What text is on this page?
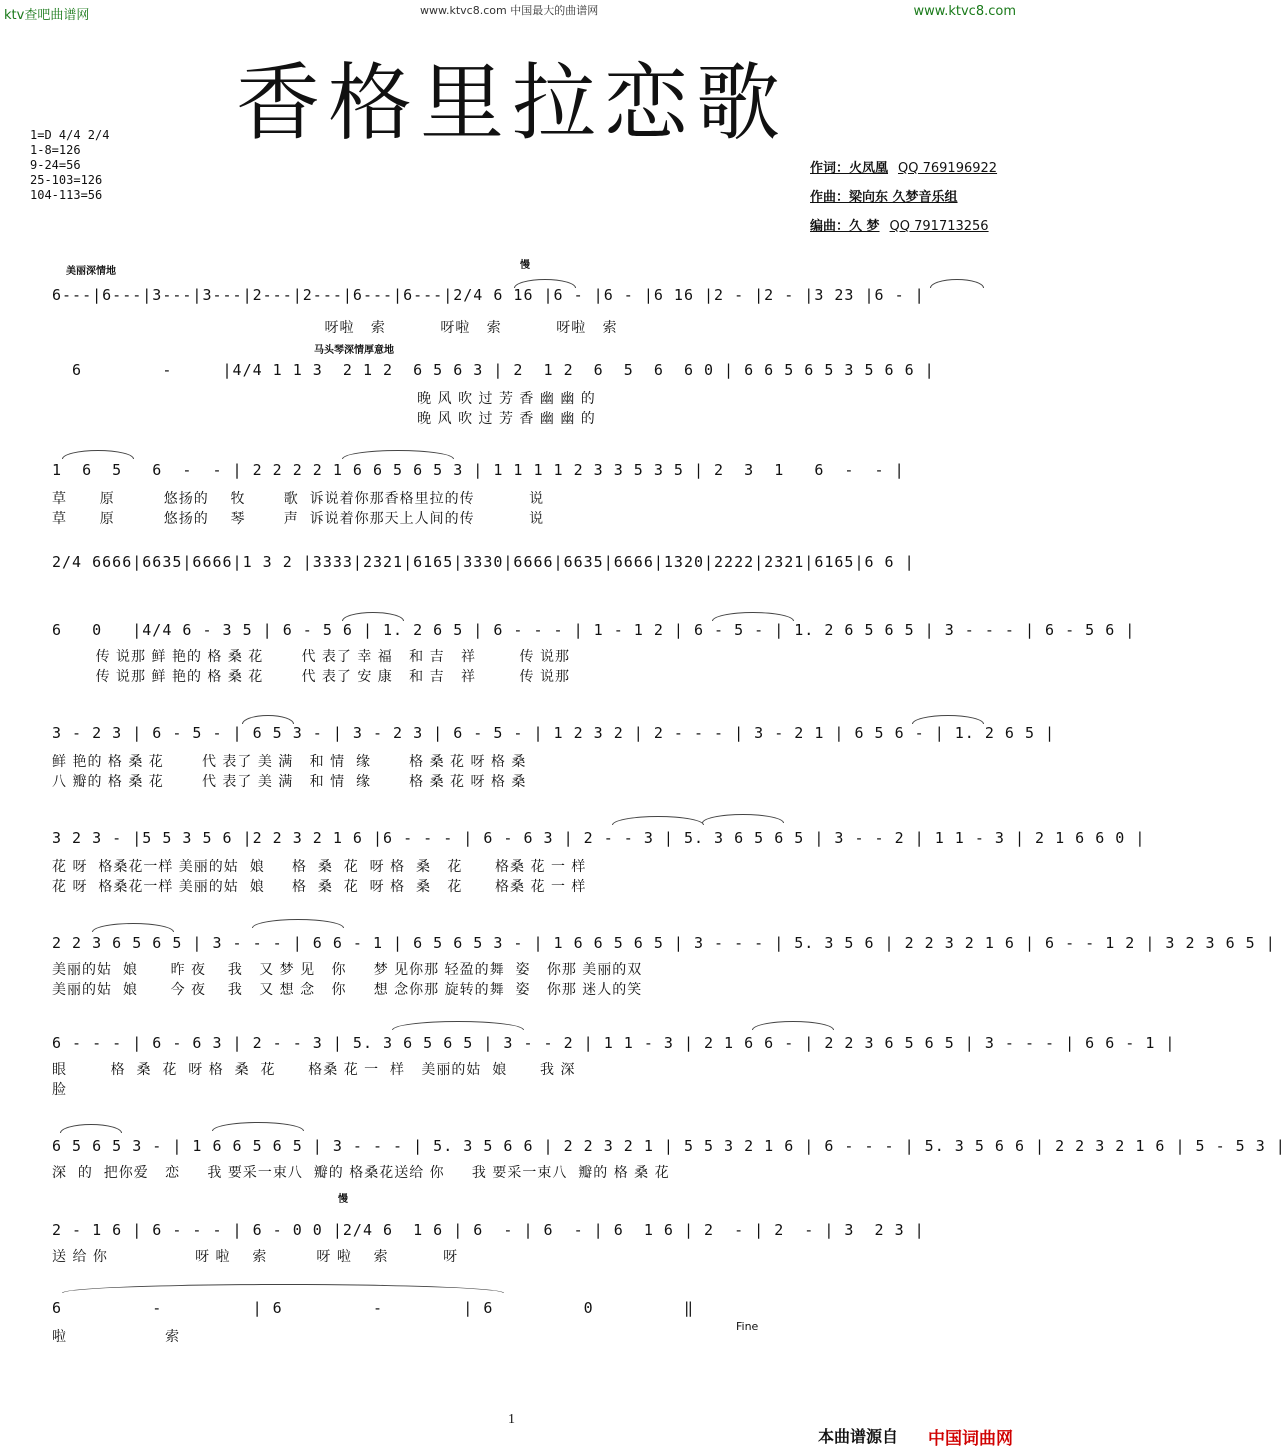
ktv查吧曲谱网	www.ktvc8.com 中国最大的曲谱网	www.ktvc8.com
香格里拉恋歌
1=D 4/4 2/4
1-8=126
9-24=56
25-103=126
104-113=56
作词：火凤凰 QQ 769196922
作曲：梁向东 久梦音乐组
编曲：久 梦 QQ 791713256
美丽深情地
慢
马头琴深情厚意地
慢
6---|6---|3---|3---|2---|2---|6---|6---|2/4 6 16 |6 - |6 - |6 16 |2 - |2 - |3 23 |6 - |
呀啦   索          呀啦   索          呀啦   索
6        -     |4/4 1 1 3  2 1 2  6 5 6 3 | 2  1 2  6  5  6  6 0 | 6 6 5 6 5 3 5 6 6 |
晚 风 吹 过 芳 香 幽 幽 的
晚 风 吹 过 芳 香 幽 幽 的
1  6  5   6  -  - | 2 2 2 2 1 6 6 5 6 5 3 | 1 1 1 1 2 3 3 5 3 5 | 2  3  1   6  -  - |
草      原         悠扬的    牧       歌  诉说着你那香格里拉的传          说
草      原         悠扬的    琴       声  诉说着你那天上人间的传          说
2/4 6666|6635|6666|1 3 2 |3333|2321|6165|3330|6666|6635|6666|1320|2222|2321|6165|6 6 |
6   0   |4/4 6 - 3 5 | 6 - 5 6 | 1. 2 6 5 | 6 - - - | 1 - 1 2 | 6 - 5 - | 1. 2 6 5 6 5 | 3 - - - | 6 - 5 6 |
传 说那 鲜 艳的 格 桑 花       代 表了 幸 福   和 吉   祥        传 说那
传 说那 鲜 艳的 格 桑 花       代 表了 安 康   和 吉   祥        传 说那
3 - 2 3 | 6 - 5 - | 6 5 3 - | 3 - 2 3 | 6 - 5 - | 1 2 3 2 | 2 - - - | 3 - 2 1 | 6 5 6 - | 1. 2 6 5 |
鲜 艳的 格 桑 花       代 表了 美 满   和 情  缘       格 桑 花 呀 格 桑
八 瓣的 格 桑 花       代 表了 美 满   和 情  缘       格 桑 花 呀 格 桑
3 2 3 - |5 5 3 5 6 |2 2 3 2 1 6 |6 - - - | 6 - 6 3 | 2 - - 3 | 5. 3 6 5 6 5 | 3 - - 2 | 1 1 - 3 | 2 1 6 6 0 |
花 呀  格桑花一样 美丽的姑  娘     格  桑  花  呀 格  桑   花      格桑 花 一 样
花 呀  格桑花一样 美丽的姑  娘     格  桑  花  呀 格  桑   花      格桑 花 一 样
2 2 3 6 5 6 5 | 3 - - - | 6 6 - 1 | 6 5 6 5 3 - | 1 6 6 5 6 5 | 3 - - - | 5. 3 5 6 | 2 2 3 2 1 6 | 6 - - 1 2 | 3 2 3 6 5 |
美丽的姑  娘      昨 夜    我   又 梦 见   你     梦 见你那 轻盈的舞  姿   你那 美丽的双
美丽的姑  娘      今 夜    我   又 想 念   你     想 念你那 旋转的舞  姿   你那 迷人的笑
6 - - - | 6 - 6 3 | 2 - - 3 | 5. 3 6 5 6 5 | 3 - - 2 | 1 1 - 3 | 2 1 6 6 - | 2 2 3 6 5 6 5 | 3 - - - | 6 6 - 1 |
眼        格  桑  花  呀 格  桑  花      格桑 花 一  样   美丽的姑  娘      我 深
脸
6 5 6 5 3 - | 1 6 6 5 6 5 | 3 - - - | 5. 3 5 6 6 | 2 2 3 2 1 | 5 5 3 2 1 6 | 6 - - - | 5. 3 5 6 6 | 2 2 3 2 1 6 | 5 - 5 3 |
深  的  把你爱   恋     我 要采一束八  瓣的 格桑花送给 你     我 要采一束八  瓣的 格 桑 花
2 - 1 6 | 6 - - - | 6 - 0 0 |2/4 6  1 6 | 6  - | 6  - | 6  1 6 | 2  - | 2  - | 3  2 3 |
送 给 你                呀 啦    索         呀 啦    索          呀
6         -         | 6         -        | 6         0         ‖
啦                  索
Fine
1
本曲谱源自 中国词曲网
